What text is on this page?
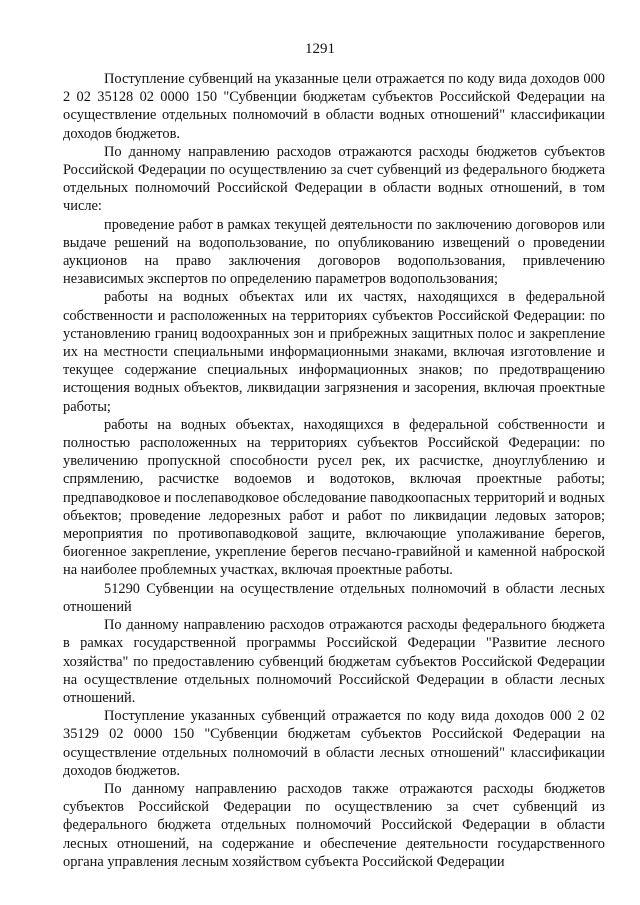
1291

Поступление субвенций на указанные цели отражается по коду вида доходов 000 2 02 35128 02 0000 150 "Субвенции бюджетам субъектов Российской Федерации на осуществление отдельных полномочий в области водных отношений" классификации доходов бюджетов.

По данному направлению расходов отражаются расходы бюджетов субъектов Российской Федерации по осуществлению за счет субвенций из федерального бюджета отдельных полномочий Российской Федерации в области водных отношений, в том числе:

проведение работ в рамках текущей деятельности по заключению договоров или выдаче решений на водопользование, по опубликованию извещений о проведении аукционов на право заключения договоров водопользования, привлечению независимых экспертов по определению параметров водопользования;

работы на водных объектах или их частях, находящихся в федеральной собственности и расположенных на территориях субъектов Российской Федерации: по установлению границ водоохранных зон и прибрежных защитных полос и закрепление их на местности специальными информационными знаками, включая изготовление и текущее содержание специальных информационных знаков; по предотвращению истощения водных объектов, ликвидации загрязнения и засорения, включая проектные работы;

работы на водных объектах, находящихся в федеральной собственности и полностью расположенных на территориях субъектов Российской Федерации: по увеличению пропускной способности русел рек, их расчистке, дноуглублению и спрямлению, расчистке водоемов и водотоков, включая проектные работы; предпаводковое и послепаводковое обследование паводкоопасных территорий и водных объектов; проведение ледорезных работ и работ по ликвидации ледовых заторов; мероприятия по противопаводковой защите, включающие уполаживание берегов, биогенное закрепление, укрепление берегов песчано-гравийной и каменной наброской на наиболее проблемных участках, включая проектные работы.

51290 Субвенции на осуществление отдельных полномочий в области лесных отношений

По данному направлению расходов отражаются расходы федерального бюджета в рамках государственной программы Российской Федерации "Развитие лесного хозяйства" по предоставлению субвенций бюджетам субъектов Российской Федерации на осуществление отдельных полномочий Российской Федерации в области лесных отношений.

Поступление указанных субвенций отражается по коду вида доходов 000 2 02 35129 02 0000 150 "Субвенции бюджетам субъектов Российской Федерации на осуществление отдельных полномочий в области лесных отношений" классификации доходов бюджетов.

По данному направлению расходов также отражаются расходы бюджетов субъектов Российской Федерации по осуществлению за счет субвенций из федерального бюджета отдельных полномочий Российской Федерации в области лесных отношений, на содержание и обеспечение деятельности государственного органа управления лесным хозяйством субъекта Российской Федерации
